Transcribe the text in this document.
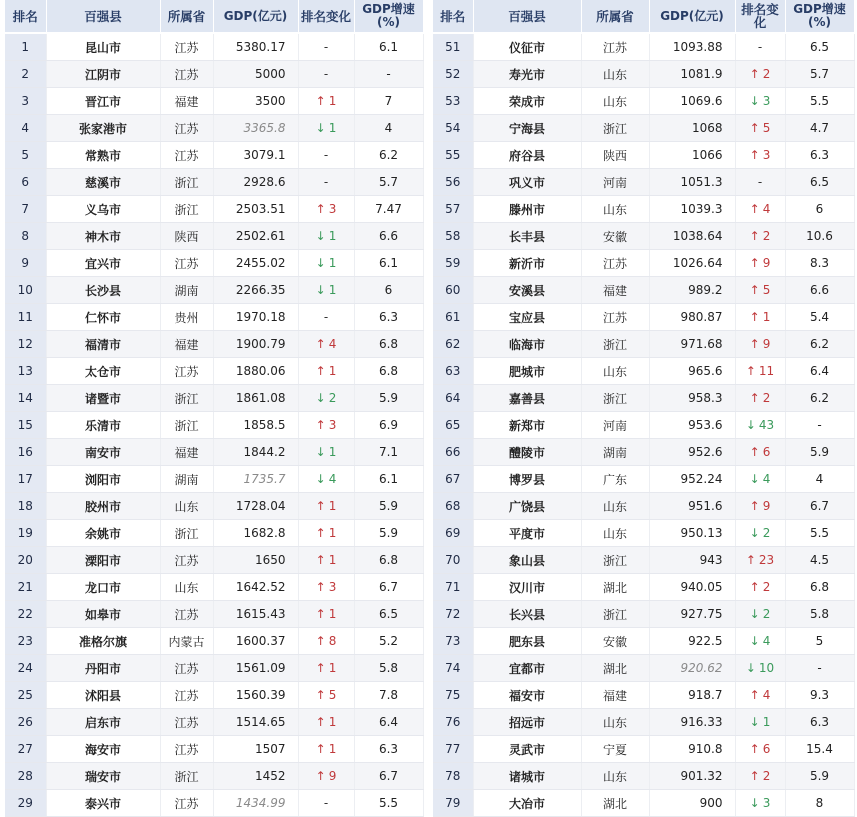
排名	百强县	所属省	GDP(亿元)	排名变化	GDP增速(%)
1	昆山市	江苏	5380.17	-	6.1
2	江阴市	江苏	5000	-	-
3	晋江市	福建	3500	↑ 1	7
4	张家港市	江苏	3365.8	↓ 1	4
5	常熟市	江苏	3079.1	-	6.2
6	慈溪市	浙江	2928.6	-	5.7
7	义乌市	浙江	2503.51	↑ 3	7.47
8	神木市	陕西	2502.61	↓ 1	6.6
9	宜兴市	江苏	2455.02	↓ 1	6.1
10	长沙县	湖南	2266.35	↓ 1	6
11	仁怀市	贵州	1970.18	-	6.3
12	福清市	福建	1900.79	↑ 4	6.8
13	太仓市	江苏	1880.06	↑ 1	6.8
14	诸暨市	浙江	1861.08	↓ 2	5.9
15	乐清市	浙江	1858.5	↑ 3	6.9
16	南安市	福建	1844.2	↓ 1	7.1
17	浏阳市	湖南	1735.7	↓ 4	6.1
18	胶州市	山东	1728.04	↑ 1	5.9
19	余姚市	浙江	1682.8	↑ 1	5.9
20	溧阳市	江苏	1650	↑ 1	6.8
21	龙口市	山东	1642.52	↑ 3	6.7
22	如皋市	江苏	1615.43	↑ 1	6.5
23	准格尔旗	内蒙古	1600.37	↑ 8	5.2
24	丹阳市	江苏	1561.09	↑ 1	5.8
25	沭阳县	江苏	1560.39	↑ 5	7.8
26	启东市	江苏	1514.65	↑ 1	6.4
27	海安市	江苏	1507	↑ 1	6.3
28	瑞安市	浙江	1452	↑ 9	6.7
29	泰兴市	江苏	1434.99	-	5.5
排名	百强县	所属省	GDP(亿元)	排名变化	GDP增速(%)
51	仪征市	江苏	1093.88	-	6.5
52	寿光市	山东	1081.9	↑ 2	5.7
53	荣成市	山东	1069.6	↓ 3	5.5
54	宁海县	浙江	1068	↑ 5	4.7
55	府谷县	陕西	1066	↑ 3	6.3
56	巩义市	河南	1051.3	-	6.5
57	滕州市	山东	1039.3	↑ 4	6
58	长丰县	安徽	1038.64	↑ 2	10.6
59	新沂市	江苏	1026.64	↑ 9	8.3
60	安溪县	福建	989.2	↑ 5	6.6
61	宝应县	江苏	980.87	↑ 1	5.4
62	临海市	浙江	971.68	↑ 9	6.2
63	肥城市	山东	965.6	↑ 11	6.4
64	嘉善县	浙江	958.3	↑ 2	6.2
65	新郑市	河南	953.6	↓ 43	-
66	醴陵市	湖南	952.6	↑ 6	5.9
67	博罗县	广东	952.24	↓ 4	4
68	广饶县	山东	951.6	↑ 9	6.7
69	平度市	山东	950.13	↓ 2	5.5
70	象山县	浙江	943	↑ 23	4.5
71	汉川市	湖北	940.05	↑ 2	6.8
72	长兴县	浙江	927.75	↓ 2	5.8
73	肥东县	安徽	922.5	↓ 4	5
74	宜都市	湖北	920.62	↓ 10	-
75	福安市	福建	918.7	↑ 4	9.3
76	招远市	山东	916.33	↓ 1	6.3
77	灵武市	宁夏	910.8	↑ 6	15.4
78	诸城市	山东	901.32	↑ 2	5.9
79	大冶市	湖北	900	↓ 3	8
